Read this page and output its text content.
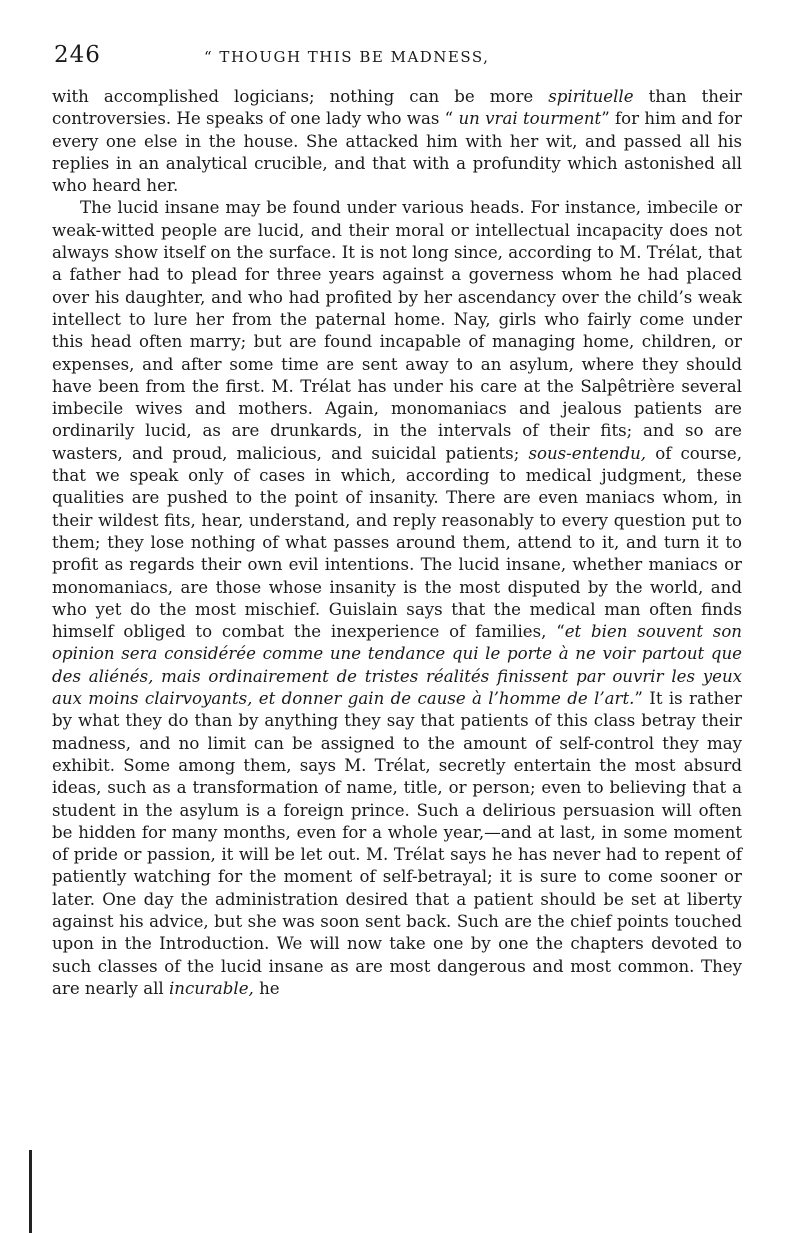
246	“ THOUGH THIS BE MADNESS,

with accomplished logicians; nothing can be more spirituelle than their controversies. He speaks of one lady who was “ un vrai tourment” for him and for every one else in the house. She attacked him with her wit, and passed all his replies in an analytical crucible, and that with a profundity which astonished all who heard her.

The lucid insane may be found under various heads. For instance, imbecile or weak-witted people are lucid, and their moral or intellectual incapacity does not always show itself on the surface. It is not long since, according to M. Trélat, that a father had to plead for three years against a governess whom he had placed over his daughter, and who had profited by her ascendancy over the child’s weak intellect to lure her from the paternal home. Nay, girls who fairly come under this head often marry; but are found incapable of managing home, children, or expenses, and after some time are sent away to an asylum, where they should have been from the first. M. Trélat has under his care at the Salpêtrière several imbecile wives and mothers. Again, monomaniacs and jealous patients are ordinarily lucid, as are drunkards, in the intervals of their fits; and so are wasters, and proud, malicious, and suicidal patients; sous-entendu, of course, that we speak only of cases in which, according to medical judgment, these qualities are pushed to the point of insanity. There are even maniacs whom, in their wildest fits, hear, understand, and reply reasonably to every question put to them; they lose nothing of what passes around them, attend to it, and turn it to profit as regards their own evil intentions. The lucid insane, whether maniacs or monomaniacs, are those whose insanity is the most disputed by the world, and who yet do the most mischief. Guislain says that the medical man often finds himself obliged to combat the inexperience of families, “et bien souvent son opinion sera considérée comme une tendance qui le porte à ne voir partout que des aliénés, mais ordinairement de tristes réalités finissent par ouvrir les yeux aux moins clairvoyants, et donner gain de cause à l’homme de l’art.” It is rather by what they do than by anything they say that patients of this class betray their madness, and no limit can be assigned to the amount of self-control they may exhibit. Some among them, says M. Trélat, secretly entertain the most absurd ideas, such as a transformation of name, title, or person; even to believing that a student in the asylum is a foreign prince. Such a delirious persuasion will often be hidden for many months, even for a whole year,—and at last, in some moment of pride or passion, it will be let out. M. Trélat says he has never had to repent of patiently watching for the moment of self-betrayal; it is sure to come sooner or later. One day the administration desired that a patient should be set at liberty against his advice, but she was soon sent back. Such are the chief points touched upon in the Introduction. We will now take one by one the chapters devoted to such classes of the lucid insane as are most dangerous and most common. They are nearly all incurable, he
